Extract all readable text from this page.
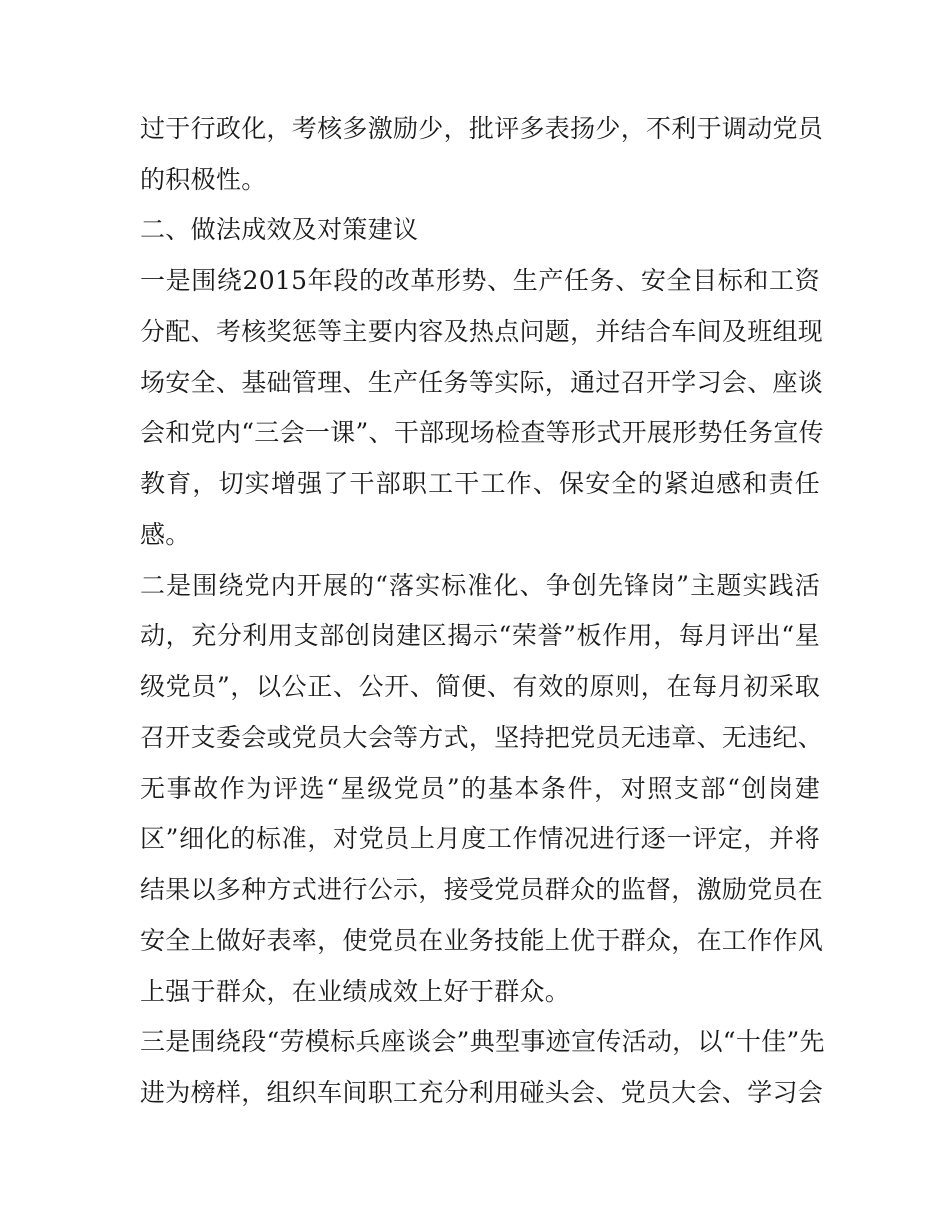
过于行政化，考核多激励少，批评多表扬少，不利于调动党员
的积极性。
二、做法成效及对策建议
一是围绕2015年段的改革形势、生产任务、安全目标和工资
分配、考核奖惩等主要内容及热点问题，并结合车间及班组现
场安全、基础管理、生产任务等实际，通过召开学习会、座谈
会和党内“三会一课”、干部现场检查等形式开展形势任务宣传
教育，切实增强了干部职工干工作、保安全的紧迫感和责任
感。
二是围绕党内开展的“落实标准化、争创先锋岗”主题实践活
动，充分利用支部创岗建区揭示“荣誉”板作用，每月评出“星
级党员”，以公正、公开、简便、有效的原则，在每月初采取
召开支委会或党员大会等方式，坚持把党员无违章、无违纪、
无事故作为评选“星级党员”的基本条件，对照支部“创岗建
区”细化的标准，对党员上月度工作情况进行逐一评定，并将
结果以多种方式进行公示，接受党员群众的监督，激励党员在
安全上做好表率，使党员在业务技能上优于群众，在工作作风
上强于群众，在业绩成效上好于群众。
三是围绕段“劳模标兵座谈会”典型事迹宣传活动，以“十佳”先
进为榜样，组织车间职工充分利用碰头会、党员大会、学习会
